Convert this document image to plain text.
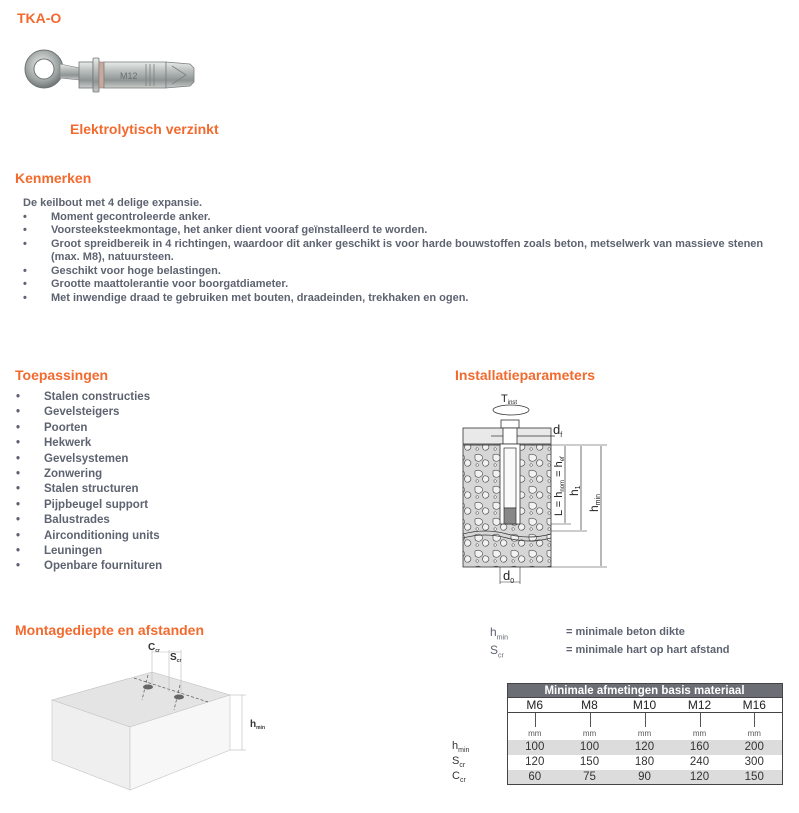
TKA-O
M12
Elektrolytisch verzinkt
Kenmerken
De keilbout met 4 delige expansie.
•	Moment gecontroleerde anker.
•	Voorsteeksteekmontage, het anker dient vooraf geïnstalleerd te worden.
•	Groot spreidbereik in 4 richtingen, waardoor dit anker geschikt is voor harde bouwstoffen zoals beton, metselwerk van massieve stenen (max. M8), natuursteen.
•	Geschikt voor hoge belastingen.
•	Grootte maattolerantie voor boorgatdiameter.
•	Met inwendige draad te gebruiken met bouten, draadeinden, trekhaken en ogen.
Toepassingen
•	Stalen constructies
•	Gevelsteigers
•	Poorten
•	Hekwerk
•	Gevelsystemen
•	Zonwering
•	Stalen structuren
•	Pijpbeugel support
•	Balustrades
•	Airconditioning units
•	Leuningen
•	Openbare fournituren
Installatieparameters
Tinst
$d_f$
L = hnom = hef
h1
hmin
$d_0$
Montagediepte en afstanden
$C_{cr}$
$S_{cr}$
$h_{min}$
$h_{min}$	= minimale beton dikte
$S_{cr}$	= minimale hart op hart afstand
	Minimale afmetingen basis materiaal				
	M6	M8	M10	M12	M16

mm	mm	mm	mm	mm
$h_{min}$	100	100	120	160	200
$S_{cr}$	120	150	180	240	300
$C_{cr}$	60	75	90	120	150
